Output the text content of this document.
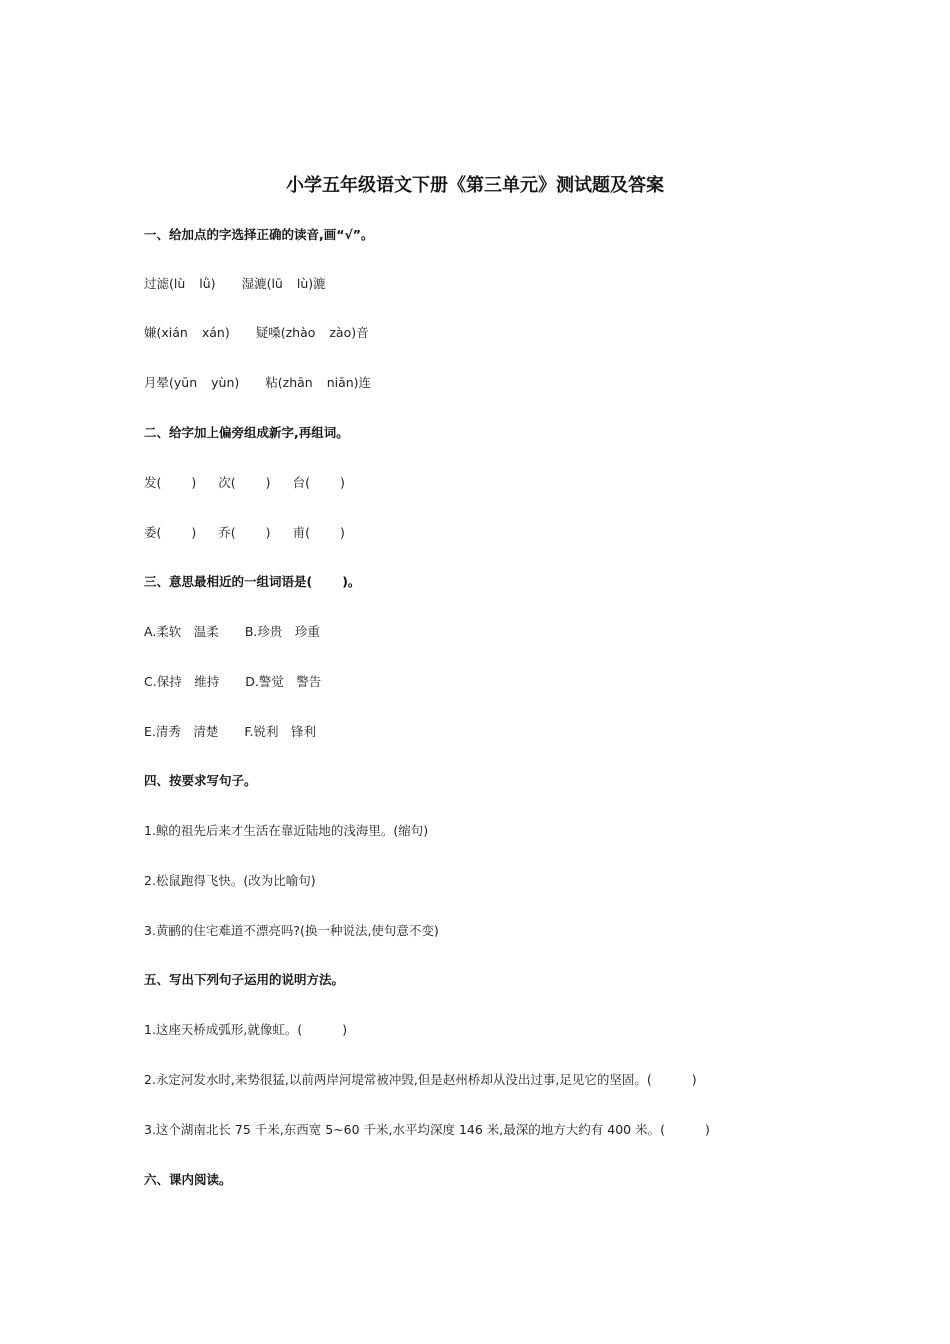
小学五年级语文下册《第三单元》测试题及答案
一、给加点的字选择正确的读音,画“√”。
过滤(lù lǜ) 湿漉(lū lù)漉
嫌(xián xán) 疑嗓(zhào zào)音
月晕(yūn yùn) 粘(zhān niān)连
二、给字加上偏旁组成新字,再组词。
发( ) 次( ) 台( )
委( ) 乔( ) 甫( )
三、意思最相近的一组词语是( )。
A.柔软　温柔 B.珍贵　珍重
C.保持　维持 D.警觉　警告
E.清秀　清楚 F.锐利　锋利
四、按要求写句子。
1.鲸的祖先后来才生活在靠近陆地的浅海里。(缩句)
2.松鼠跑得飞快。(改为比喻句)
3.黄鹂的住宅难道不漂亮吗?(换一种说法,使句意不变)
五、写出下列句子运用的说明方法。
1.这座天桥成弧形,就像虹。(	)
2.永定河发水时,来势很猛,以前两岸河堤常被冲毁,但是赵州桥却从没出过事,足见它的坚固。(	)
3.这个湖南北长 75 千米,东西宽 5~60 千米,水平均深度 146 米,最深的地方大约有 400 米。(	)
六、课内阅读。
